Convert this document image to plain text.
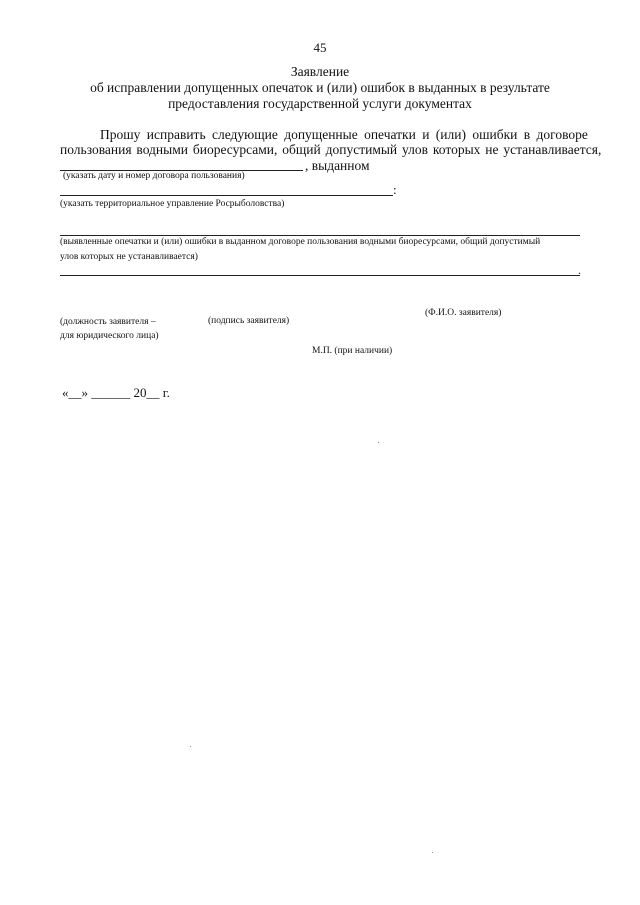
45
Заявление
об исправлении допущенных опечаток и (или) ошибок в выданных в результате
предоставления государственной услуги документах
Прошу исправить следующие допущенные опечатки и (или) ошибки в договоре
пользования водными биоресурсами, общий допустимый улов которых не устанавливается,
, выданном
(указать дату и номер договора пользования)
:
(указать территориальное управление Росрыболовства)
(выявленные опечатки и (или) ошибки в выданном договоре пользования водными биоресурсами, общий допустимый
улов которых не устанавливается)
.
(Ф.И.О. заявителя)
(должность заявителя –	(подпись заявителя)
для юридического лица)
М.П. (при наличии)
«__» ______ 20__ г.
